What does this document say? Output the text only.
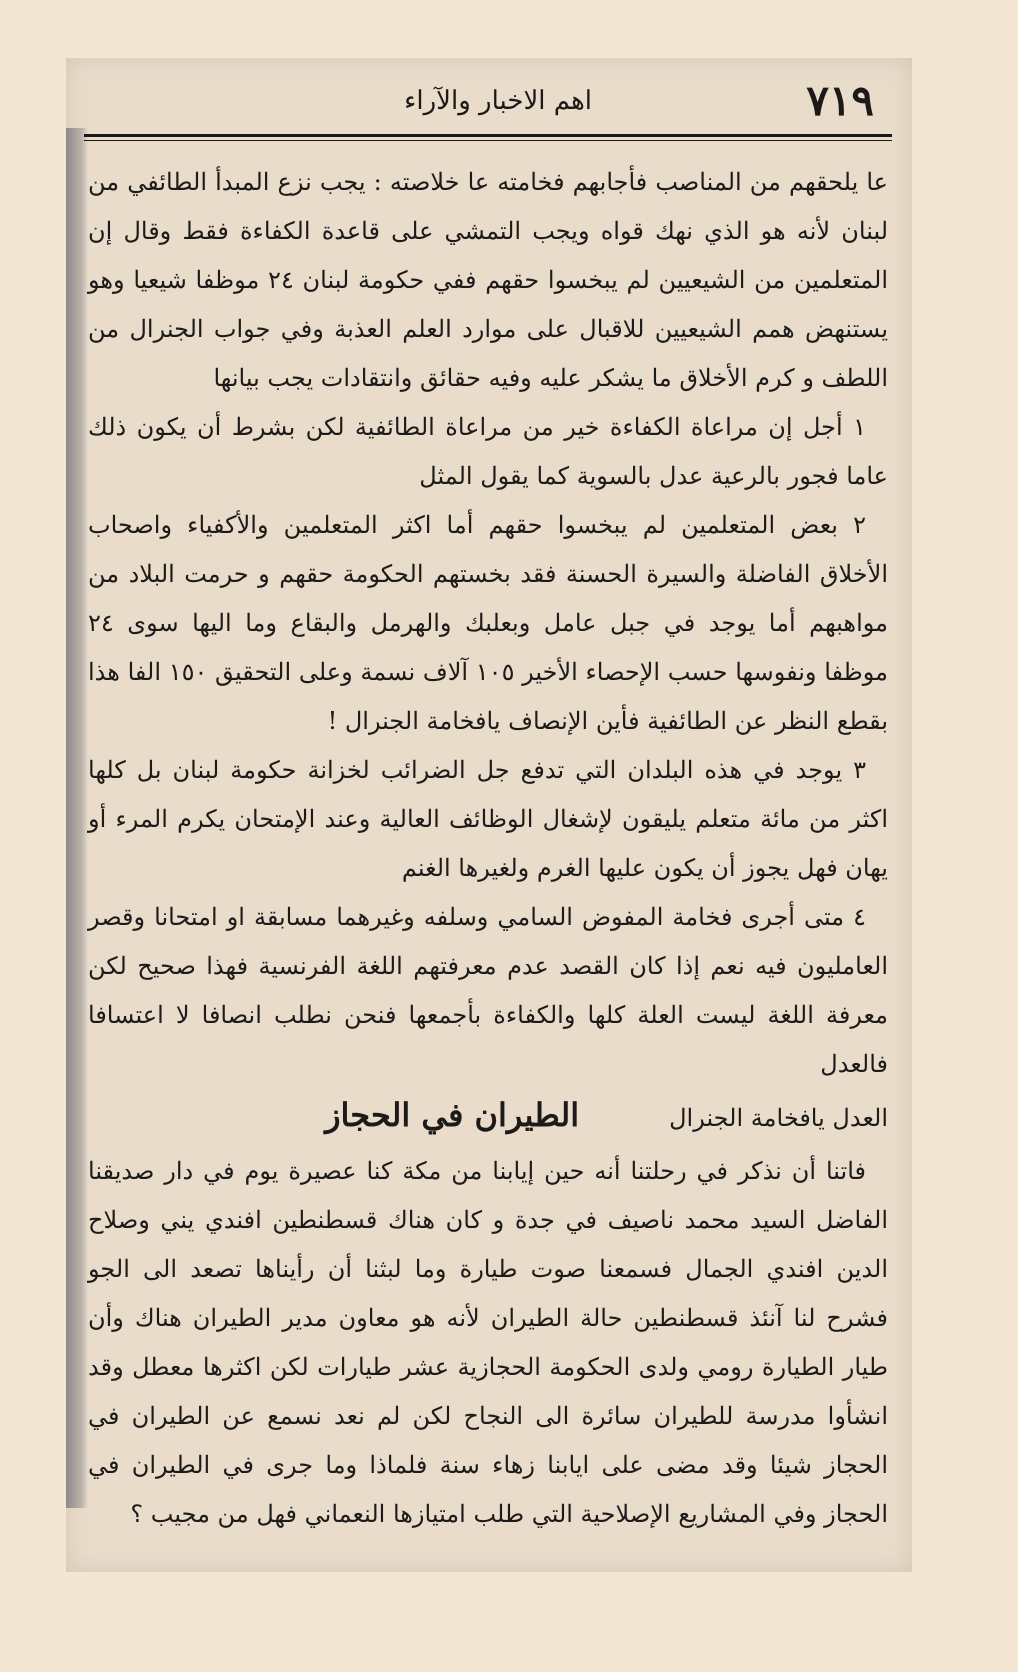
٧١٩
اهم الاخبار والآراء

عا يلحقهم من المناصب فأجابهم فخامته عا خلاصته : يجب نزع المبدأ الطائفي من لبنان لأنه هو الذي نهك قواه ويجب التمشي على قاعدة الكفاءة فقط وقال إن المتعلمين من الشيعيين لم يبخسوا حقهم ففي حكومة لبنان ٢٤ موظفا شيعيا وهو يستنهض همم الشيعيين للاقبال على موارد العلم العذبة وفي جواب الجنرال من اللطف و كرم الأخلاق ما يشكر عليه وفيه حقائق وانتقادات يجب بيانها

١ أجل إن مراعاة الكفاءة خير من مراعاة الطائفية لكن بشرط أن يكون ذلك عاما فجور بالرعية عدل بالسوية كما يقول المثل

٢ بعض المتعلمين لم يبخسوا حقهم أما اكثر المتعلمين والأكفياء واصحاب الأخلاق الفاضلة والسيرة الحسنة فقد بخستهم الحكومة حقهم و حرمت البلاد من مواهبهم أما يوجد في جبل عامل وبعلبك والهرمل والبقاع وما اليها سوى ٢٤ موظفا ونفوسها حسب الإحصاء الأخير ١٠٥ آلاف نسمة وعلى التحقيق ١٥٠ الفا هذا بقطع النظر عن الطائفية فأين الإنصاف يافخامة الجنرال !

٣ يوجد في هذه البلدان التي تدفع جل الضرائب لخزانة حكومة لبنان بل كلها اكثر من مائة متعلم يليقون لإشغال الوظائف العالية وعند الإمتحان يكرم المرء أو يهان فهل يجوز أن يكون عليها الغرم ولغيرها الغنم

٤ متى أجرى فخامة المفوض السامي وسلفه وغيرهما مسابقة او امتحانا وقصر العامليون فيه نعم إذا كان القصد عدم معرفتهم اللغة الفرنسية فهذا صحيح لكن معرفة اللغة ليست العلة كلها والكفاءة بأجمعها فنحن نطلب انصافا لا اعتسافا فالعدل

العدل يافخامة الجنرال
الطيران في الحجاز

فاتنا أن نذكر في رحلتنا أنه حين إيابنا من مكة كنا عصيرة يوم في دار صديقنا الفاضل السيد محمد ناصيف في جدة و كان هناك قسطنطين افندي يني وصلاح الدين افندي الجمال فسمعنا صوت طيارة وما لبثنا أن رأيناها تصعد الى الجو فشرح لنا آنئذ قسطنطين حالة الطيران لأنه هو معاون مدير الطيران هناك وأن طيار الطيارة رومي ولدى الحكومة الحجازية عشر طيارات لكن اكثرها معطل وقد انشأوا مدرسة للطيران سائرة الى النجاح لكن لم نعد نسمع عن الطيران في الحجاز شيئا وقد مضى على ايابنا زهاء سنة فلماذا وما جرى في الطيران في الحجاز وفي المشاريع الإصلاحية التي طلب امتيازها النعماني فهل من مجيب ؟
